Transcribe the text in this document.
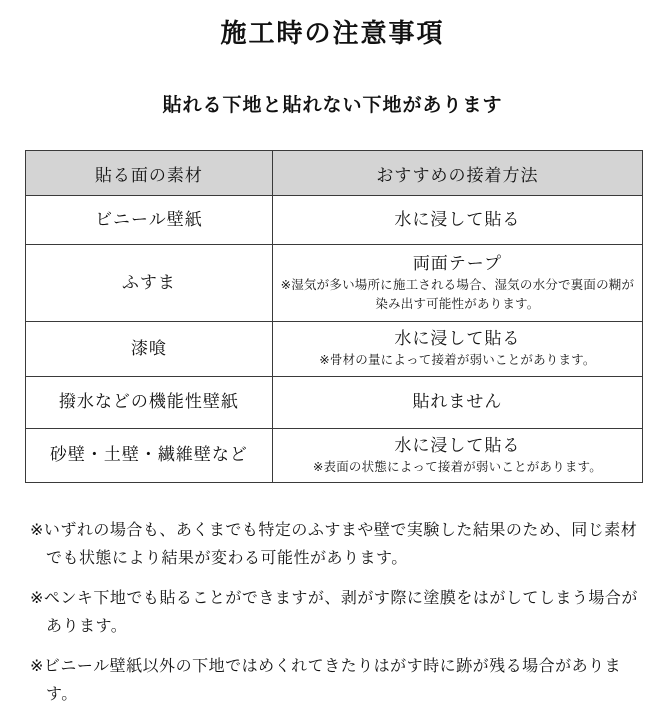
施工時の注意事項
貼れる下地と貼れない下地があります
貼る面の素材	おすすめの接着方法

ビニール壁紙	水に浸して貼る

ふすま	両面テープ
※湿気が多い場所に施工される場合、湿気の水分で裏面の糊が染み出す可能性があります。

漆喰	水に浸して貼る
※骨材の量によって接着が弱いことがあります。

撥水などの機能性壁紙	貼れません

砂壁・土壁・繊維壁など	水に浸して貼る
※表面の状態によって接着が弱いことがあります。

※いずれの場合も、あくまでも特定のふすまや壁で実験した結果のため、同じ素材でも状態により結果が変わる可能性があります。

※ペンキ下地でも貼ることができますが、剥がす際に塗膜をはがしてしまう場合があります。

※ビニール壁紙以外の下地ではめくれてきたりはがす時に跡が残る場合があります。
